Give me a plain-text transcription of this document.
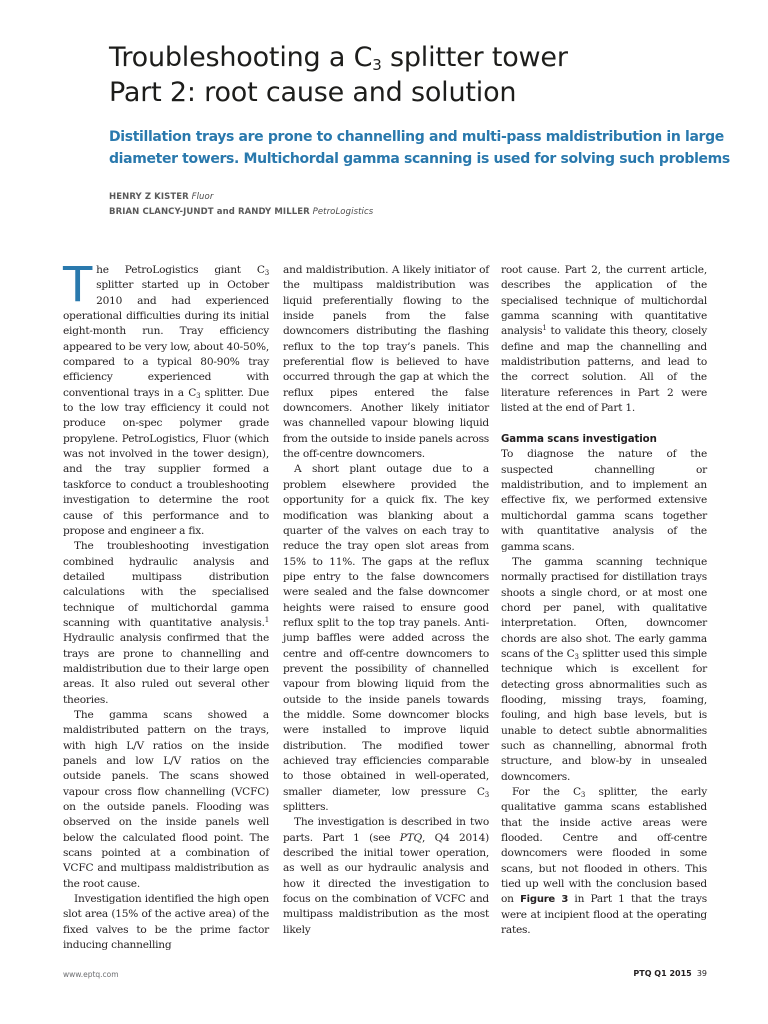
Troubleshooting a $C_3$ splitter tower
Part 2: root cause and solution

Distillation trays are prone to channelling and multi-pass maldistribution in large diameter towers. Multichordal gamma scanning is used for solving such problems

HENRY Z KISTER Fluor
BRIAN CLANCY-JUNDT and RANDY MILLER PetroLogistics

The PetroLogistics giant $C_3$ splitter started up in October 2010 and had experienced operational difficulties during its initial eight-month run. Tray efficiency appeared to be very low, about 40-50%, compared to a typical 80-90% tray efficiency experienced with conventional trays in a $C_3$ splitter. Due to the low tray efficiency it could not produce on-spec polymer grade propylene. PetroLogistics, Fluor (which was not involved in the tower design), and the tray supplier formed a taskforce to conduct a troubleshooting investigation to determine the root cause of this performance and to propose and engineer a fix.

The troubleshooting investigation combined hydraulic analysis and detailed multipass distribution calculations with the specialised technique of multichordal gamma scanning with quantitative analysis.$^1$ Hydraulic analysis confirmed that the trays are prone to channelling and maldistribution due to their large open areas. It also ruled out several other theories.

The gamma scans showed a maldistributed pattern on the trays, with high L/V ratios on the inside panels and low L/V ratios on the outside panels. The scans showed vapour cross flow channelling (VCFC) on the outside panels. Flooding was observed on the inside panels well below the calculated flood point. The scans pointed at a combination of VCFC and multipass maldistribution as the root cause.

Investigation identified the high open slot area (15% of the active area) of the fixed valves to be the prime factor inducing channelling

and maldistribution. A likely initiator of the multipass maldistribution was liquid preferentially flowing to the inside panels from the false downcomers distributing the flashing reflux to the top tray’s panels. This preferential flow is believed to have occurred through the gap at which the reflux pipes entered the false downcomers. Another likely initiator was channelled vapour blowing liquid from the outside to inside panels across the off-centre downcomers.

A short plant outage due to a problem elsewhere provided the opportunity for a quick fix. The key modification was blanking about a quarter of the valves on each tray to reduce the tray open slot areas from 15% to 11%. The gaps at the reflux pipe entry to the false downcomers were sealed and the false downcomer heights were raised to ensure good reflux split to the top tray panels. Anti-jump baffles were added across the centre and off-centre downcomers to prevent the possibility of channelled vapour from blowing liquid from the outside to the inside panels towards the middle. Some downcomer blocks were installed to improve liquid distribution. The modified tower achieved tray efficiencies comparable to those obtained in well-operated, smaller diameter, low pressure $C_3$ splitters.

The investigation is described in two parts. Part 1 (see PTQ, Q4 2014) described the initial tower operation, as well as our hydraulic analysis and how it directed the investigation to focus on the combination of VCFC and multipass maldistribution as the most likely

root cause. Part 2, the current article, describes the application of the specialised technique of multichordal gamma scanning with quantitative analysis$^1$ to validate this theory, closely define and map the channelling and maldistribution patterns, and lead to the correct solution. All of the literature references in Part 2 were listed at the end of Part 1.

Gamma scans investigation

To diagnose the nature of the suspected channelling or maldistribution, and to implement an effective fix, we performed extensive multichordal gamma scans together with quantitative analysis of the gamma scans.

The gamma scanning technique normally practised for distillation trays shoots a single chord, or at most one chord per panel, with qualitative interpretation. Often, downcomer chords are also shot. The early gamma scans of the $C_3$ splitter used this simple technique which is excellent for detecting gross abnormalities such as flooding, missing trays, foaming, fouling, and high base levels, but is unable to detect subtle abnormalities such as channelling, abnormal froth structure, and blow-by in unsealed downcomers.

For the $C_3$ splitter, the early qualitative gamma scans established that the inside active areas were flooded. Centre and off-centre downcomers were flooded in some scans, but not flooded in others. This tied up well with the conclusion based on Figure 3 in Part 1 that the trays were at incipient flood at the operating rates.

www.eptq.com	PTQ Q1 2015 39
